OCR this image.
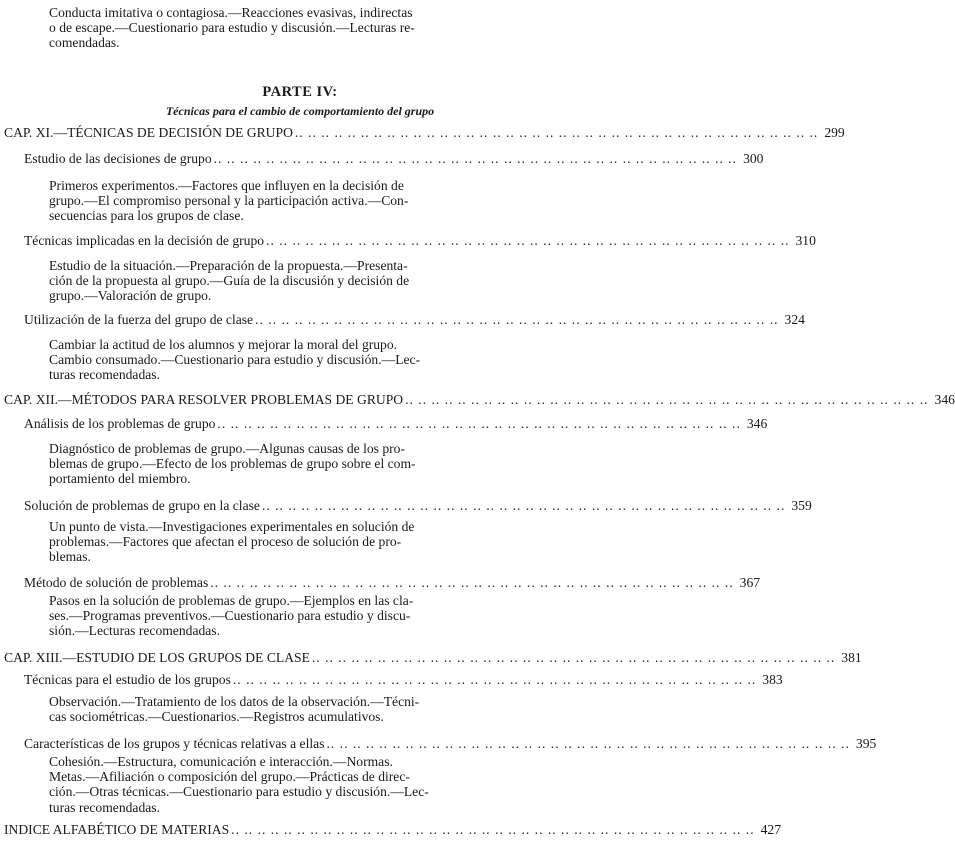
Conducta imitativa o contagiosa.—Reacciones evasivas, indirectas
o de escape.—Cuestionario para estudio y discusión.—Lecturas re-
comendadas.
PARTE IV:
Técnicas para el cambio de comportamiento del grupo
CAP. XI.—TÉCNICAS DE DECISIÓN DE GRUPO .. .. .. .. .. .. .. .. .. .. .. .. .. .. .. .. .. .. .. .. .. .. .. .. .. .. .. .. .. .. .. .. .. .. .. .. .. .. .. .. 299
Estudio de las decisiones de grupo .. .. .. .. .. .. .. .. .. .. .. .. .. .. .. .. .. .. .. .. .. .. .. .. .. .. .. .. .. .. .. .. .. .. .. .. .. .. .. .. 300
Primeros experimentos.—Factores que influyen en la decisión de
grupo.—El compromiso personal y la participación activa.—Con-
secuencias para los grupos de clase.
Técnicas implicadas en la decisión de grupo .. .. .. .. .. .. .. .. .. .. .. .. .. .. .. .. .. .. .. .. .. .. .. .. .. .. .. .. .. .. .. .. .. .. .. .. .. .. .. .. 310
Estudio de la situación.—Preparación de la propuesta.—Presenta-
ción de la propuesta al grupo.—Guía de la discusión y decisión de
grupo.—Valoración de grupo.
Utilización de la fuerza del grupo de clase .. .. .. .. .. .. .. .. .. .. .. .. .. .. .. .. .. .. .. .. .. .. .. .. .. .. .. .. .. .. .. .. .. .. .. .. .. .. .. .. 324
Cambiar la actitud de los alumnos y mejorar la moral del grupo.
Cambio consumado.—Cuestionario para estudio y discusión.—Lec-
turas recomendadas.
CAP. XII.—MÉTODOS PARA RESOLVER PROBLEMAS DE GRUPO .. .. .. .. .. .. .. .. .. .. .. .. .. .. .. .. .. .. .. .. .. .. .. .. .. .. .. .. .. .. .. .. .. .. .. .. .. .. .. .. 346
Análisis de los problemas de grupo .. .. .. .. .. .. .. .. .. .. .. .. .. .. .. .. .. .. .. .. .. .. .. .. .. .. .. .. .. .. .. .. .. .. .. .. .. .. .. .. 346
Diagnóstico de problemas de grupo.—Algunas causas de los pro-
blemas de grupo.—Efecto de los problemas de grupo sobre el com-
portamiento del miembro.
Solución de problemas de grupo en la clase .. .. .. .. .. .. .. .. .. .. .. .. .. .. .. .. .. .. .. .. .. .. .. .. .. .. .. .. .. .. .. .. .. .. .. .. .. .. .. .. 359
Un punto de vista.—Investigaciones experimentales en solución de
problemas.—Factores que afectan el proceso de solución de pro-
blemas.
Método de solución de problemas .. .. .. .. .. .. .. .. .. .. .. .. .. .. .. .. .. .. .. .. .. .. .. .. .. .. .. .. .. .. .. .. .. .. .. .. .. .. .. .. 367
Pasos en la solución de problemas de grupo.—Ejemplos en las cla-
ses.—Programas preventivos.—Cuestionario para estudio y discu-
sión.—Lecturas recomendadas.
CAP. XIII.—ESTUDIO DE LOS GRUPOS DE CLASE .. .. .. .. .. .. .. .. .. .. .. .. .. .. .. .. .. .. .. .. .. .. .. .. .. .. .. .. .. .. .. .. .. .. .. .. .. .. .. .. 381
Técnicas para el estudio de los grupos .. .. .. .. .. .. .. .. .. .. .. .. .. .. .. .. .. .. .. .. .. .. .. .. .. .. .. .. .. .. .. .. .. .. .. .. .. .. .. .. 383
Observación.—Tratamiento de los datos de la observación.—Técni-
cas sociométricas.—Cuestionarios.—Registros acumulativos.
Características de los grupos y técnicas relativas a ellas .. .. .. .. .. .. .. .. .. .. .. .. .. .. .. .. .. .. .. .. .. .. .. .. .. .. .. .. .. .. .. .. .. .. .. .. .. .. .. .. 395
Cohesión.—Estructura, comunicación e interacción.—Normas.
Metas.—Afiliación o composición del grupo.—Prácticas de direc-
ción.—Otras técnicas.—Cuestionario para estudio y discusión.—Lec-
turas recomendadas.
INDICE ALFABÉTICO DE MATERIAS .. .. .. .. .. .. .. .. .. .. .. .. .. .. .. .. .. .. .. .. .. .. .. .. .. .. .. .. .. .. .. .. .. .. .. .. .. .. .. .. 427
